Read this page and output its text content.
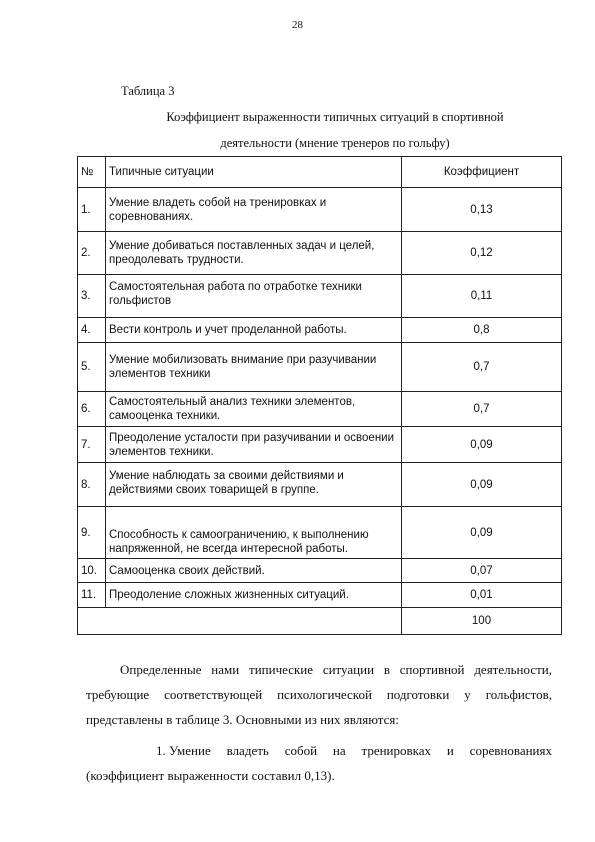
28
Таблица 3
Коэффициент выраженности типичных ситуаций в спортивной
деятельности (мнение тренеров по гольфу)
№	Типичные ситуации	Коэффициент
1.	Умение владеть собой на тренировках и соревнованиях.	0,13
2.	Умение добиваться поставленных задач и целей, преодолевать трудности.	0,12
3.	Самостоятельная работа по отработке техники гольфистов	0,11
4.	Вести контроль и учет проделанной работы.	0,8
5.	Умение мобилизовать внимание при разучивании элементов техники	0,7
6.	Самостоятельный анализ техники элементов, самооценка техники.	0,7
7.	Преодоление усталости при разучивании и освоении элементов техники.	0,09
8.	Умение наблюдать за своими действиями и действиями своих товарищей в группе.	0,09
9.	Способность к самоограничению, к выполнению напряженной, не всегда интересной работы.	0,09
10.	Самооценка своих действий.	0,07
11.	Преодоление сложных жизненных ситуаций.	0,01
		100
Определенные нами типические ситуации в спортивной деятельности, требующие соответствующей психологической подготовки у гольфистов, представлены в таблице 3. Основными из них являются:
1. Умение владеть собой на тренировках и соревнованиях (коэффициент выраженности составил 0,13).
